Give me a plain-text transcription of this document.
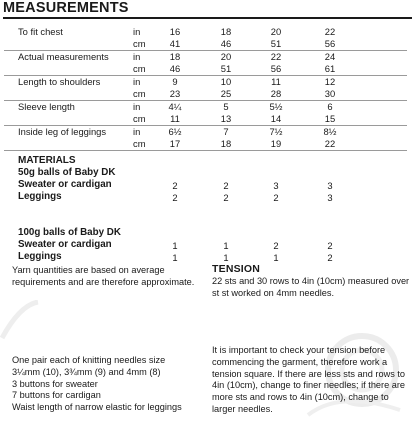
MEASUREMENTS
To fit chest	in	16	18	20	22
cm	41	46	51	56
Actual measurements	in	18	20	22	24
cm	46	51	56	61
Length to shoulders	in	9	10	11	12
cm	23	25	28	30
Sleeve length	in	4¼	5	5½	6
cm	11	13	14	15
Inside leg of leggings	in	6½	7	7½	8½
cm	17	18	19	22
MATERIALS
50g balls of Baby DK
Sweater or cardigan	2	2	3	3
Leggings	2	2	2	3
100g balls of Baby DK
Sweater or cardigan	1	1	2	2
Leggings	1	1	1	2
Yarn quantities are based on average requirements and are therefore approximate.
TENSION
22 sts and 30 rows to 4in (10cm) measured over st st worked on 4mm needles.
It is important to check your tension before commencing the garment, therefore work a tension square. If there are less sts and rows to 4in (10cm), change to finer needles; if there are more sts and rows to 4in (10cm), change to larger needles.
One pair each of knitting needles size
3¼mm (10), 3¾mm (9) and 4mm (8)
3 buttons for sweater
7 buttons for cardigan
Waist length of narrow elastic for leggings
